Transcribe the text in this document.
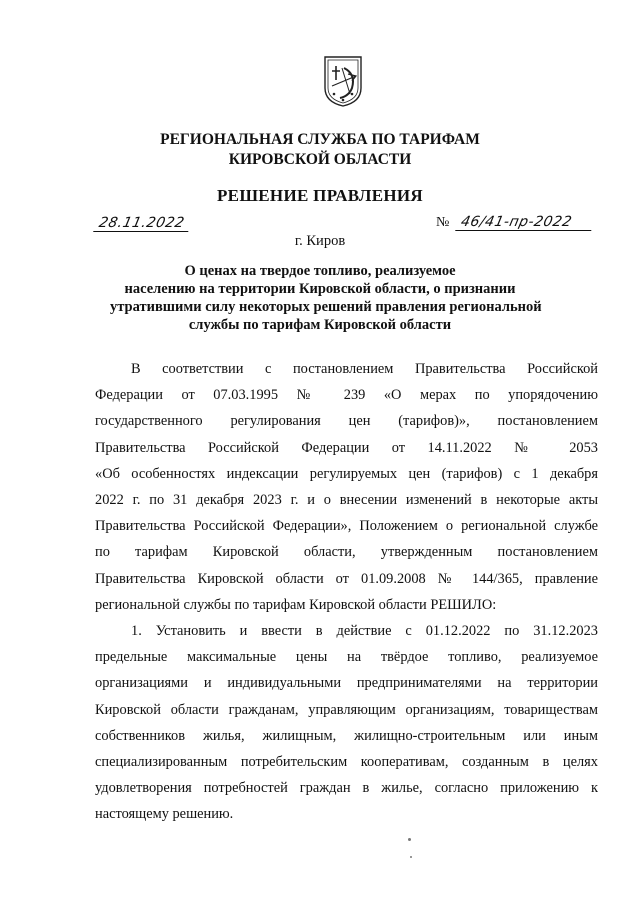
РЕГИОНАЛЬНАЯ СЛУЖБА ПО ТАРИФАМ
КИРОВСКОЙ ОБЛАСТИ
РЕШЕНИЕ ПРАВЛЕНИЯ
28.11.2022	№ 46/41-пр-2022
г. Киров
О ценах на твердое топливо, реализуемое
населению на территории Кировской области, о признании
утратившими силу некоторых решений правления региональной
службы по тарифам Кировской области
В соответствии с постановлением Правительства Российской
Федерации от 07.03.1995 № 239 «О мерах по упорядочению
государственного регулирования цен (тарифов)», постановлением
Правительства Российской Федерации от 14.11.2022 № 2053
«Об особенностях индексации регулируемых цен (тарифов) с 1 декабря
2022 г. по 31 декабря 2023 г. и о внесении изменений в некоторые акты
Правительства Российской Федерации», Положением о региональной службе
по тарифам Кировской области, утвержденным постановлением
Правительства Кировской области от 01.09.2008 № 144/365, правление
региональной службы по тарифам Кировской области РЕШИЛО:
1. Установить и ввести в действие с 01.12.2022 по 31.12.2023
предельные максимальные цены на твёрдое топливо, реализуемое
организациями и индивидуальными предпринимателями на территории
Кировской области гражданам, управляющим организациям, товариществам
собственников жилья, жилищным, жилищно-строительным или иным
специализированным потребительским кооперативам, созданным в целях
удовлетворения потребностей граждан в жилье, согласно приложению к
настоящему решению.
